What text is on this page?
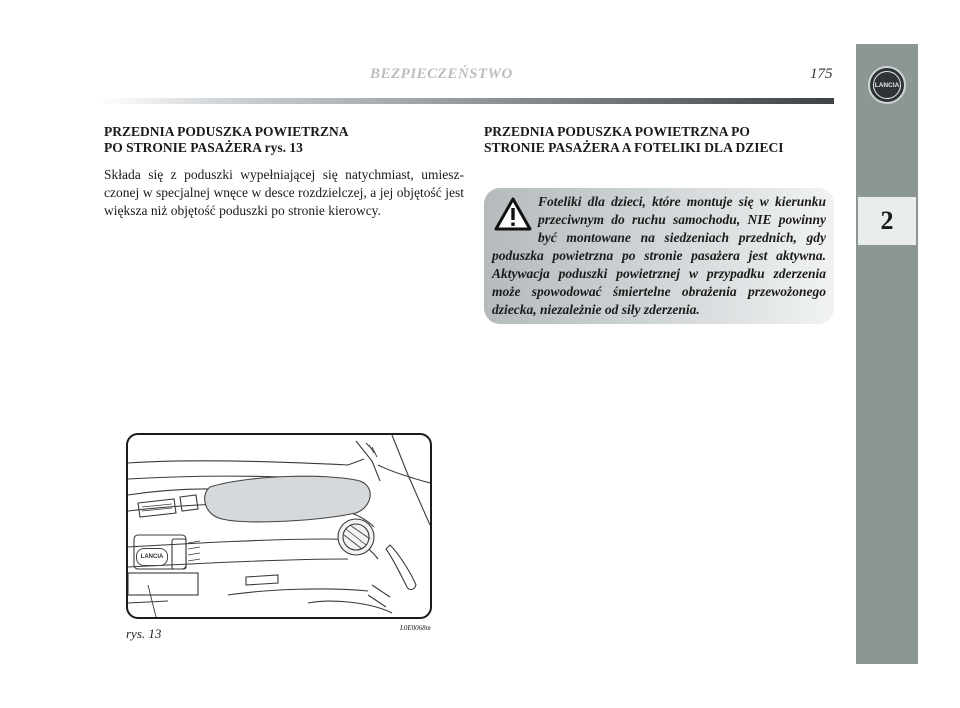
BEZPIECZEŃSTWO	175
LANCIA
2
PRZEDNIA PODUSZKA POWIETRZNA
PO STRONIE PASAŻERA rys. 13
Składa się z poduszki wypełniającej się natychmiast, umieszczonej w specjalnej wnęce w desce rozdzielczej, a jej objętość jest większa niż objętość poduszki po stronie kierowcy.
PRZEDNIA PODUSZKA POWIETRZNA PO
STRONIE PASAŻERA A FOTELIKI DLA DZIECI
Foteliki dla dzieci, które montuje się w kierunku przeciwnym do ruchu samochodu, NIE powinny być montowane na siedzeniach przednich, gdy poduszka powietrzna po stronie pasażera jest aktywna. Aktywacja poduszki powietrznej w przypadku zderzenia może spowodować śmiertelne obrażenia przewożonego dziecka, niezależnie od siły zderzenia.
LANCIA
rys. 13	L0E0068m
